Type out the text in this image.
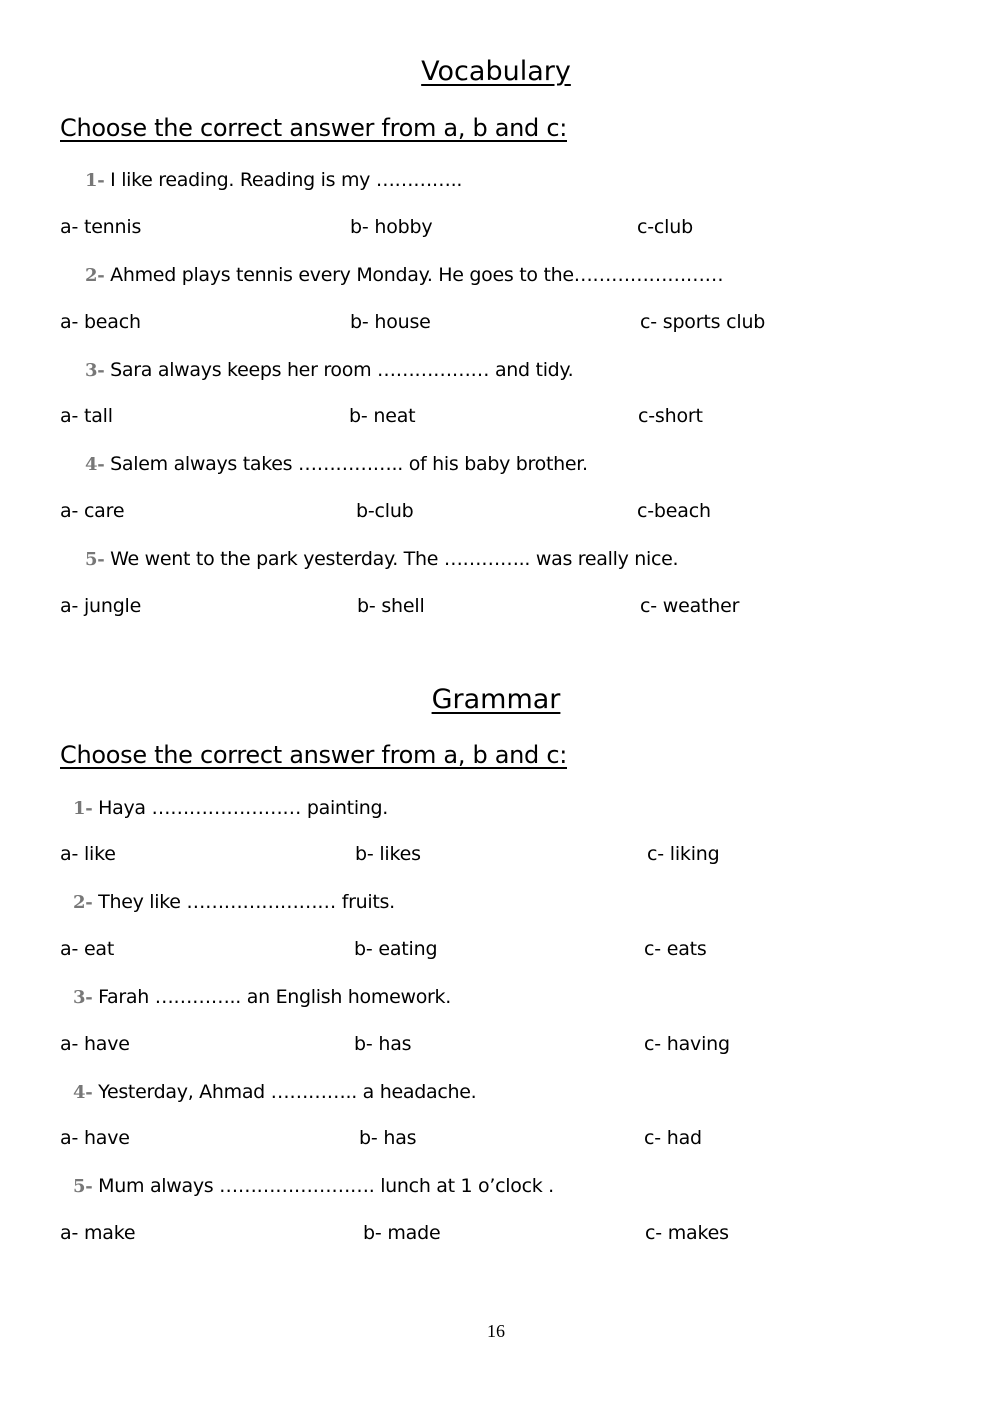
Vocabulary
Choose the correct answer from a, b and c:
1- I like reading. Reading is my …………..
a- tennis	b- hobby	c-club
2- Ahmed plays tennis every Monday. He goes to the……………………
a- beach	b- house	c- sports club
3- Sara always keeps her room ……………… and tidy.
a- tall	b- neat	c-short
4- Salem always takes …………….. of his baby brother.
a- care	b-club	c-beach
5- We went to the park yesterday. The ………….. was really nice.
a- jungle	b- shell	c- weather
Grammar
Choose the correct answer from a, b and c:
1- Haya …………………… painting.
a- like	b- likes	c- liking
2- They like …………………… fruits.
a- eat	b- eating	c- eats
3- Farah ………….. an English homework.
a- have	b- has	c- having
4- Yesterday, Ahmad ………….. a headache.
a- have	b- has	c- had
5- Mum always ……………………. lunch at 1 o’clock .
a- make	b- made	c- makes
16
